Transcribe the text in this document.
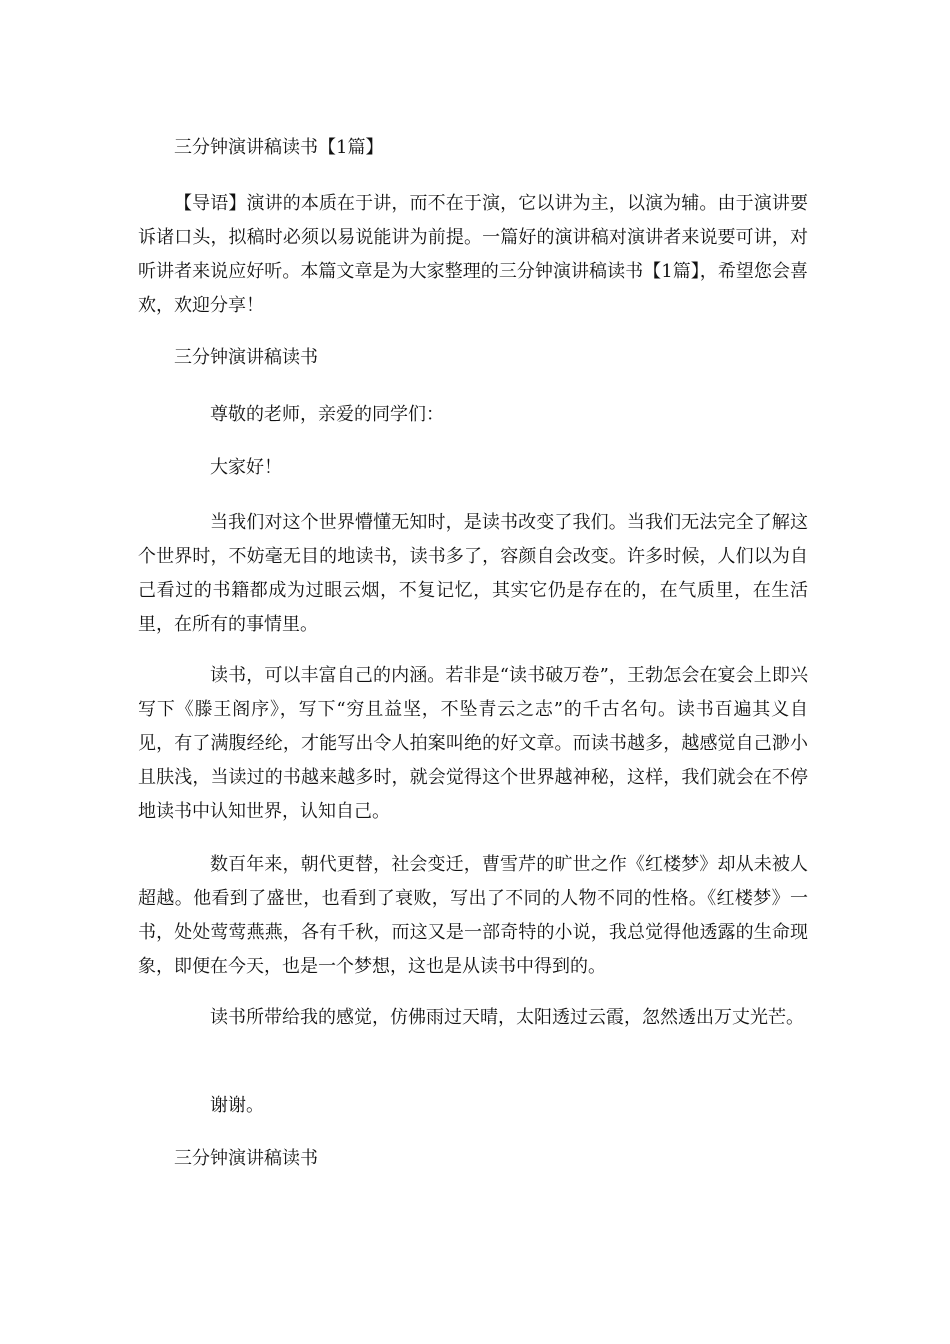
三分钟演讲稿读书【1篇】

【导语】演讲的本质在于讲，而不在于演，它以讲为主，以演为辅。由于演讲要诉诸口头，拟稿时必须以易说能讲为前提。一篇好的演讲稿对演讲者来说要可讲，对听讲者来说应好听。本篇文章是为大家整理的三分钟演讲稿读书【1篇】，希望您会喜欢，欢迎分享！

三分钟演讲稿读书

尊敬的老师，亲爱的同学们：

大家好！

当我们对这个世界懵懂无知时，是读书改变了我们。当我们无法完全了解这个世界时，不妨毫无目的地读书，读书多了，容颜自会改变。许多时候，人们以为自己看过的书籍都成为过眼云烟，不复记忆，其实它仍是存在的，在气质里，在生活里，在所有的事情里。

读书，可以丰富自己的内涵。若非是“读书破万卷”，王勃怎会在宴会上即兴写下《滕王阁序》，写下“穷且益坚，不坠青云之志”的千古名句。读书百遍其义自见，有了满腹经纶，才能写出令人拍案叫绝的好文章。而读书越多，越感觉自己渺小且肤浅，当读过的书越来越多时，就会觉得这个世界越神秘，这样，我们就会在不停地读书中认知世界，认知自己。

数百年来，朝代更替，社会变迁，曹雪芹的旷世之作《红楼梦》却从未被人超越。他看到了盛世，也看到了衰败，写出了不同的人物不同的性格。《红楼梦》一书，处处莺莺燕燕，各有千秋，而这又是一部奇特的小说，我总觉得他透露的生命现象，即便在今天，也是一个梦想，这也是从读书中得到的。

读书所带给我的感觉，仿佛雨过天晴，太阳透过云霞，忽然透出万丈光芒。

谢谢。

三分钟演讲稿读书
